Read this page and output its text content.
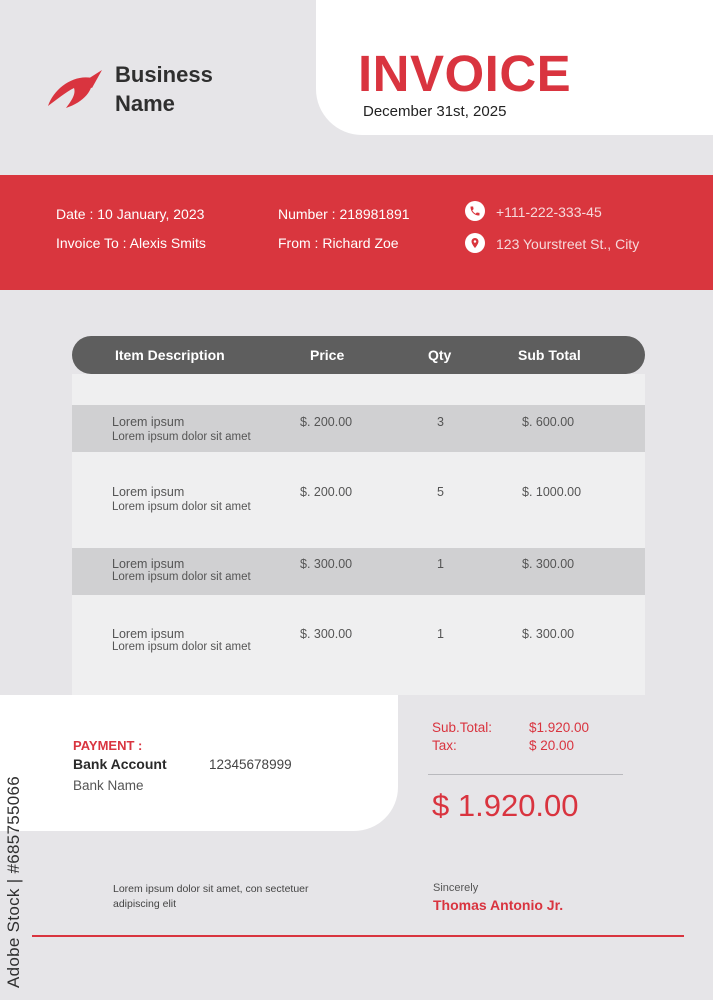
Business
Name
INVOICE
December 31st, 2025
Date : 10 January, 2023
Invoice To : Alexis Smits
Number : 218981891
From : Richard Zoe
+111-222-333-45
123 Yourstreet St., City
Item Description	Price	Qty	Sub Total
Lorem ipsum
Lorem ipsum dolor sit amet
$. 200.00	3	$. 600.00
Lorem ipsum
Lorem ipsum dolor sit amet
$. 200.00	5	$. 1000.00
Lorem ipsum
Lorem ipsum dolor sit amet
$. 300.00	1	$. 300.00
Lorem ipsum
Lorem ipsum dolor sit amet
$. 300.00	1	$. 300.00
PAYMENT :
Bank Account	12345678999
Bank Name
Sub.Total:	$1.920.00
Tax:	$ 20.00
$ 1.920.00
Lorem ipsum dolor sit amet, con sectetuer adipiscing elit
Sincerely
Thomas Antonio Jr.
Adobe Stock | #685755066
